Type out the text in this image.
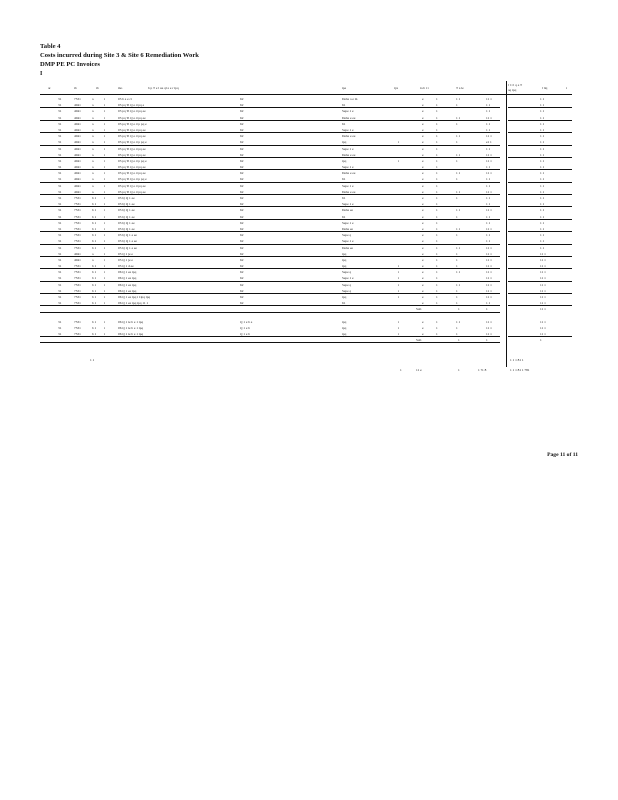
Table 4
Costs incurred during Site 3 & Site 6 Remediation Work
DMP PE PC Invoices
I
ar	ib	ib	mo	b p T e l ue ql a e r ipq	ipe	iye	ia b i i	T a le
l l t l q e T
aq ipq	l liq	i
31	7531	a	i	03 b e e ct	62	Debe a e m	e	1	1 1	11 1	1 1
31	4041	a	i	03 pq Ti Q e d pq e	62	61	e	1	1	1 1	1 1
31	4041	a	i	03 pq Ti Q e d pq ee	62	Sepe 1 e	e	1	1 1	1 1
31	4041	a	i	03 pq Ti Q e d pq ee	62	Debe e ee	e	1	1 1	11 1	1 1
31	4041	a	i	03 pq Ti Q e d p pq e	62	61	e	1	1	1 1	1 1
31	4041	a	i	03 pq Ti Q e d pq ee	62	Sepe 1 e	e	1	1 1	1 1
31	4041	a	i	03 pq Ti Q e d pq ee	62	Debe e ee	e	1	1 1	11 1	1 1
31	4041	a	i	03 pq Ti Q e d p pq e	62	ipq	i	e	1	1	e1 1	1 1
31	4041	a	i	03 pq Ti Q e d pq ee	62	Sepe 1 e	e	1	1 1	1 1
31	4041	a	i	03 pq Ti Q e d pq ee	62	Debe e ee	e	1	1 1	11 1	1 1
31	4041	a	i	03 pq Ti Q e d p pq e	62	ipq	i	e	1	1	11 1	1 1
31	4041	a	i	03 pq Ti Q e d pq ee	62	Sepe 1 e	e	1	1 1	1 1
31	4041	a	i	03 pq Ti Q e d pq ee	62	Debe e ee	e	1	1 1	11 1	1 1
31	4041	a	i	03 pq Ti Q e d p pq e	62	61	e	1	1	1 1	1 1
31	4041	a	i	03 pq Ti Q e d pq ee	62	Sepe 1 e	e	1	1 1	1 1
31	4041	a	i	03 pq Ti Q e d pq ee	62	Debe e ee	e	1	1 1	11 1	1 1
31	7531	b 1 i	03 bj Q 1 ee	62	61	e	1	1	1 1	1 1
31	7531	b 1 i	03 bj Q 1 ee	62	Sepe 1 e	e	1	1 1	1 1
31	7531	b 1 i	03 bj Q 1 ee	62	Debe ee	e	1	1 1	11 1	1 1
31	7531	b 1 i	03 bj Q 1 ee	62	61	e	1	1	1 1	1 1
31	7531	b 1 i	03 bj Q 1 ee	62	Sepe 1 e	e	1	1 1	1 1
31	7531	b 1 i	03 bj Q 1 ee	62	Debe ee	e	1	1 1	11 1	1 1
31	7531	b 1 i	03 bj Q 1 e ee	62	Sepe q	e	1	1	1 1	1 1
31	7531	b 1 i	03 bj Q 1 e ee	62	Sepe 1 e	e	1	1 1	1 1
31	7531	b 1 i	03 bj Q 1 e ee	62	Debe ee	e	1	1 1	11 1	1 1
31	4041	a	i	03 Q 1 je e	62	ipq	e	1	1	11 1	11 1
31	4041	a	i	03 Q 1 je e	62	ipq	e	1	1	11 1	11 1
31	7531	b 1 i	03 Q 1 d ee	62	ipq	i	e	1	1	11 1	11 1
31	7531	b 1 i	06 Q 1 ee ipq	62	Sepe q	i	e	1	1 1	11 1	11 1
31	7531	b 1 i	06 Q 1 ee ipq	62	Sepe 1 e	i	e	1	11 1	11 1
31	7531	b 1 i	06 Q 1 ee ipq	62	Sepe q	i	e	1	1 1	11 1	11 1
31	7531	b 1 i	06 Q 1 ee ipq	62	Sepe q	i	e	1	1	11 1	11 1
31	7531	b 1 i	06 Q 1 ee ipq i 1ipq ipq	62	ipq	i	e	1	1	11 1	11 1
31	7531	b 1 i	06 Q 1 ee ipq ipq 11 1	62	61	e	1	1	1 1	11 1
Sub	1	1	11 1
31	7531	b 1 i	06 Q 1 ie b e 1 ipq	Q 1 e b e	ipq	i	e	1	1 1	11 1	11 1
31	7531	b 1 i	06 Q 1 ie b e 1 ipq	Q 1 e b	ipq	i	e	1	1	11 1	11 1
31	7531	b 1 i	06 Q 1 ie b e 1 ipq	Q 1 e b	ipq	i	e	1	1	11 1	11 1
Sub	1	1	1
1 1
1	11 e	1	1 ?1 8
1 1 1 81 1
1 1 1 81 1 781
Page 11 of 11
